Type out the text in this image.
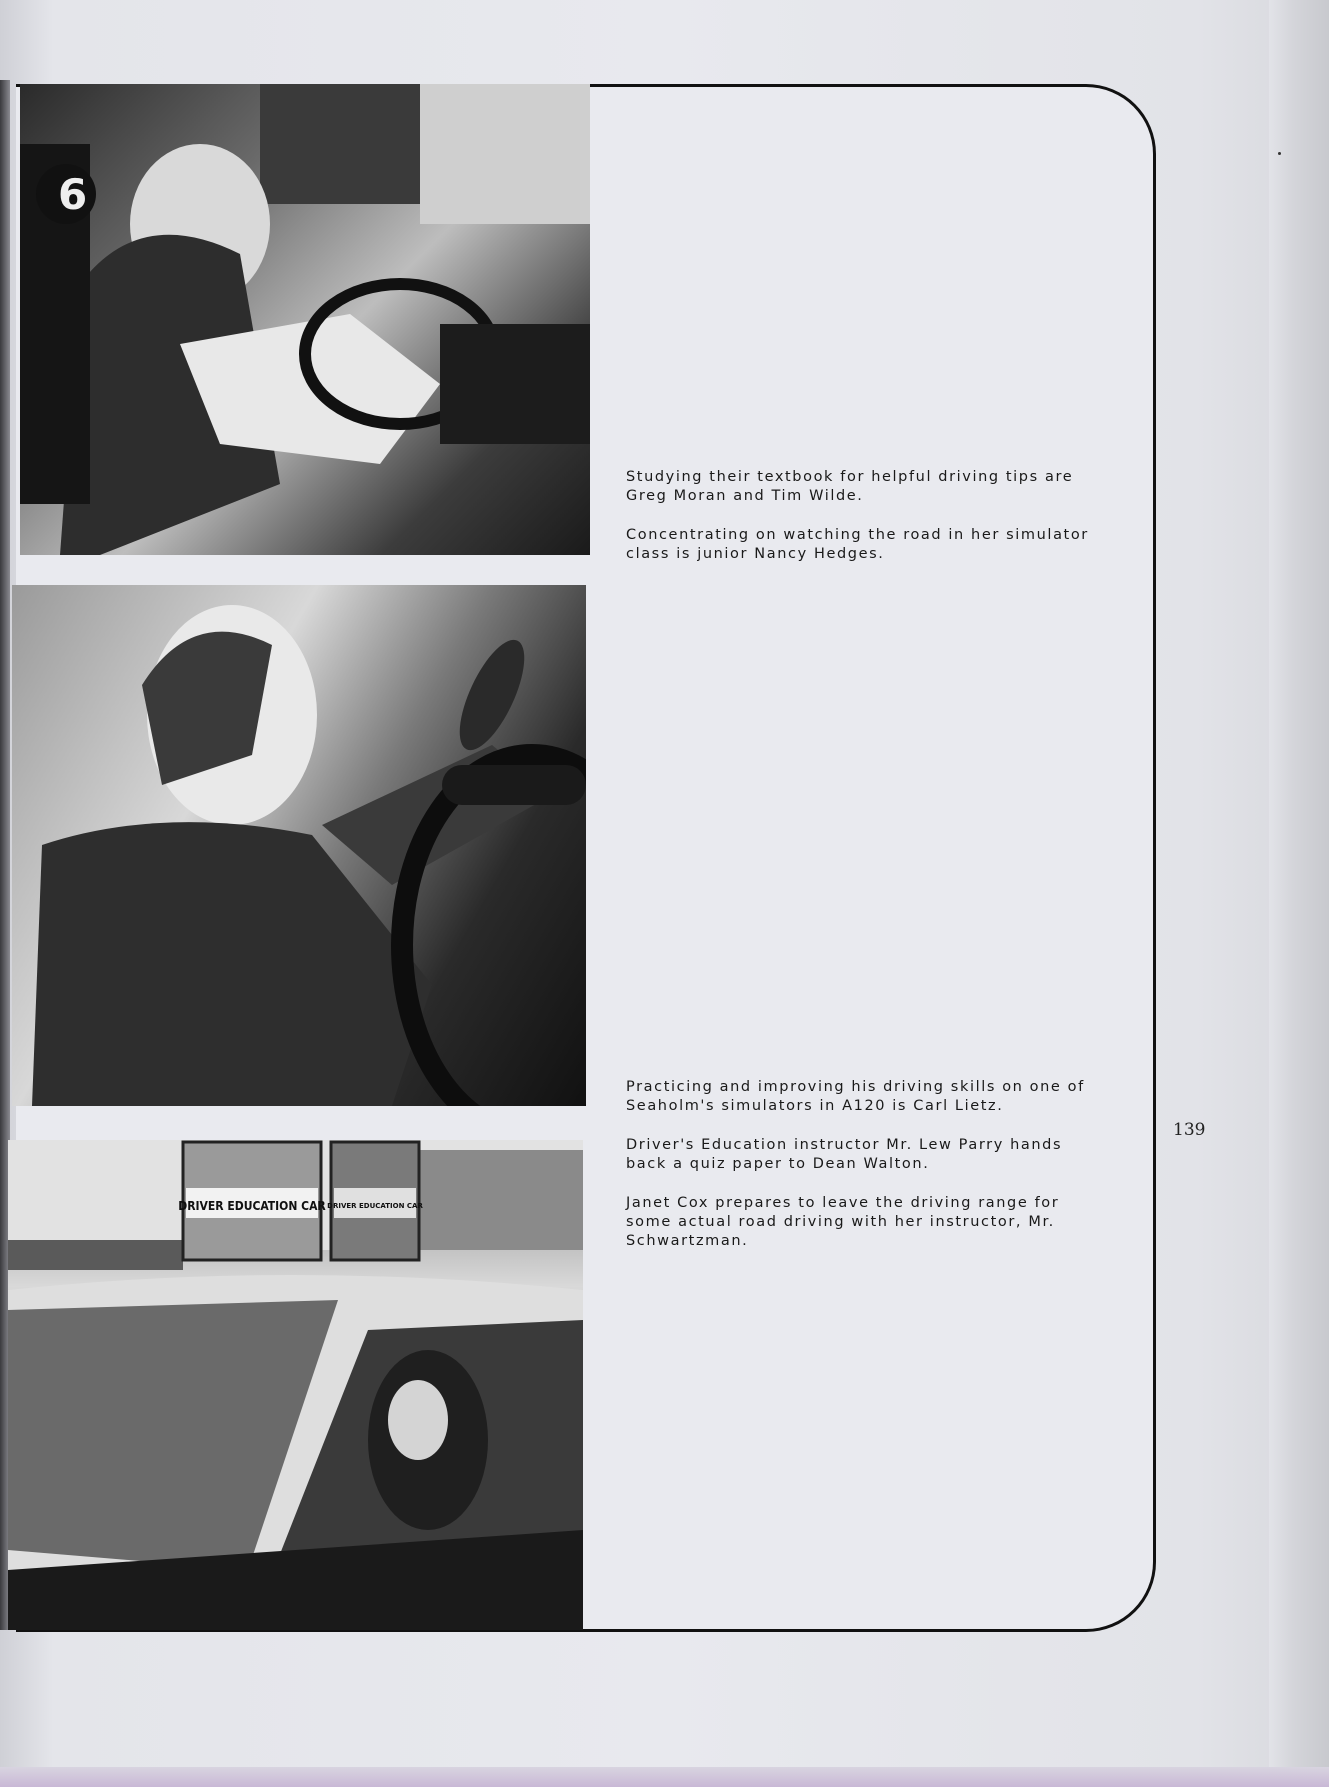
6
DRIVER EDUCATION CAR DRIVER EDUCATION CAR

Studying their textbook for helpful driving tips are Greg Moran and Tim Wilde.

Concentrating on watching the road in her simulator class is junior Nancy Hedges.

Practicing and improving his driving skills on one of Seaholm's simulators in A120 is Carl Lietz.

Driver's Education instructor Mr. Lew Parry hands back a quiz paper to Dean Walton.

Janet Cox prepares to leave the driving range for some actual road driving with her instructor, Mr. Schwartzman.

139
